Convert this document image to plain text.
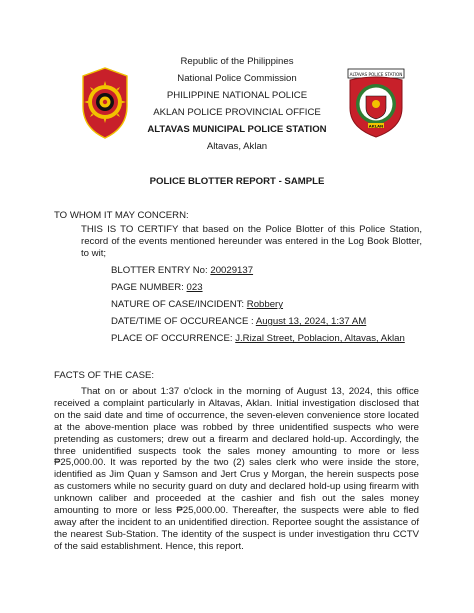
ALTAVAS POLICE STATION
AKLAN
Republic of the Philippines
National Police Commission
PHILIPPINE NATIONAL POLICE
AKLAN POLICE PROVINCIAL OFFICE
ALTAVAS MUNICIPAL POLICE STATION
Altavas, Aklan
POLICE BLOTTER REPORT - SAMPLE
TO WHOM IT MAY CONCERN:

THIS IS TO CERTIFY that based on the Police Blotter of this Police Station, record of the events mentioned hereunder was entered in the Log Book Blotter, to wit;

BLOTTER ENTRY No: 20029137
PAGE NUMBER: 023
NATURE OF CASE/INCIDENT: Robbery
DATE/TIME OF OCCUREANCE : August 13, 2024, 1:37 AM
PLACE OF OCCURRENCE: J.Rizal Street, Poblacion, Altavas, Aklan
FACTS OF THE CASE:

That on or about 1:37 o'clock in the morning of August 13, 2024, this office received a complaint particularly in Altavas, Aklan. Initial investigation disclosed that on the said date and time of occurrence, the seven-eleven convenience store located at the above-mention place was robbed by three unidentified suspects who were pretending as customers; drew out a firearm and declared hold-up. Accordingly, the three unidentified suspects took the sales money amounting to more or less ₱25,000.00. It was reported by the two (2) sales clerk who were inside the store, identified as Jim Quan y Samson and Jert Crus y Morgan, the herein suspects pose as customers while no security guard on duty and declared hold-up using firearm with unknown caliber and proceeded at the cashier and fish out the sales money amounting to more or less ₱25,000.00. Thereafter, the suspects were able to fled away after the incident to an unidentified direction. Reportee sought the assistance of the nearest Sub-Station. The identity of the suspect is under investigation thru CCTV of the said establishment. Hence, this report.
